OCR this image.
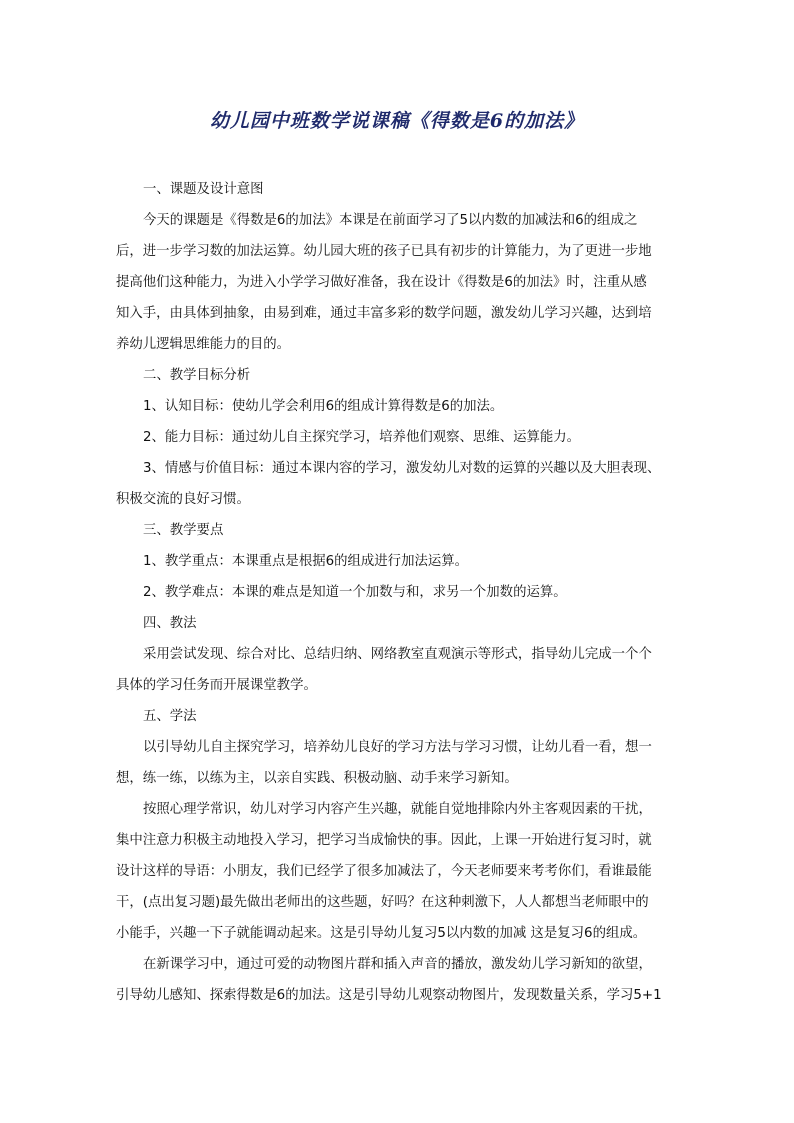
幼儿园中班数学说课稿《得数是6的加法》
一、课题及设计意图
今天的课题是《得数是6的加法》本课是在前面学习了5以内数的加减法和6的组成之
后，进一步学习数的加法运算。幼儿园大班的孩子已具有初步的计算能力，为了更进一步地
提高他们这种能力，为进入小学学习做好准备，我在设计《得数是6的加法》时，注重从感
知入手，由具体到抽象，由易到难，通过丰富多彩的数学问题，激发幼儿学习兴趣，达到培
养幼儿逻辑思维能力的目的。
二、教学目标分析
1、认知目标：使幼儿学会利用6的组成计算得数是6的加法。
2、能力目标：通过幼儿自主探究学习，培养他们观察、思维、运算能力。
3、情感与价值目标：通过本课内容的学习，激发幼儿对数的运算的兴趣以及大胆表现、
积极交流的良好习惯。
三、教学要点
1、教学重点：本课重点是根据6的组成进行加法运算。
2、教学难点：本课的难点是知道一个加数与和，求另一个加数的运算。
四、教法
采用尝试发现、综合对比、总结归纳、网络教室直观演示等形式，指导幼儿完成一个个
具体的学习任务而开展课堂教学。
五、学法
以引导幼儿自主探究学习，培养幼儿良好的学习方法与学习习惯，让幼儿看一看，想一
想，练一练，以练为主，以亲自实践、积极动脑、动手来学习新知。
按照心理学常识，幼儿对学习内容产生兴趣，就能自觉地排除内外主客观因素的干扰，
集中注意力积极主动地投入学习，把学习当成愉快的事。因此，上课一开始进行复习时，就
设计这样的导语：小朋友，我们已经学了很多加减法了，今天老师要来考考你们，看谁最能
干，(点出复习题)最先做出老师出的这些题，好吗？在这种刺激下，人人都想当老师眼中的
小能手，兴趣一下子就能调动起来。这是引导幼儿复习5以内数的加减 这是复习6的组成。
在新课学习中，通过可爱的动物图片群和插入声音的播放，激发幼儿学习新知的欲望，
引导幼儿感知、探索得数是6的加法。这是引导幼儿观察动物图片，发现数量关系，学习5+1
